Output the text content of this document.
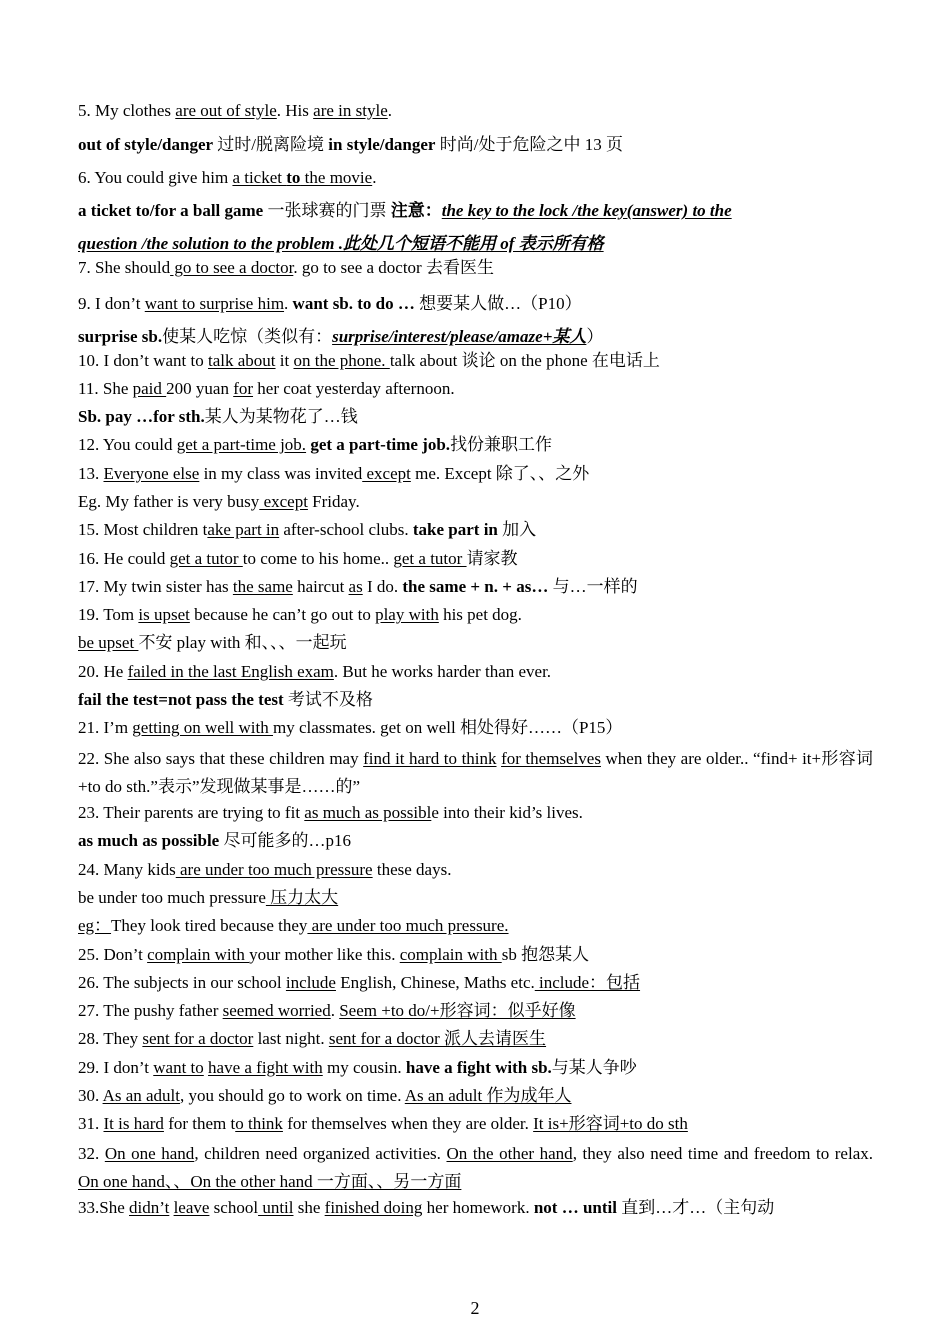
5. My clothes are out of style. His are in style.
out of style/danger 过时/脱离险境 in style/danger 时尚/处于危险之中 13 页
6. You could give him a ticket to the movie.
a ticket to/for a ball game 一张球赛的门票 注意：the key to the lock /the key(answer) to the
question /the solution to the problem .此处几个短语不能用 of 表示所有格
7. She should go to see a doctor. go to see a doctor 去看医生
9. I don’t want to surprise him. want sb. to do … 想要某人做…（P10）
surprise sb.使某人吃惊（类似有：surprise/interest/please/amaze+某人）
10. I don’t want to talk about it on the phone. talk about 谈论 on the phone 在电话上
11. She paid 200 yuan for her coat yesterday afternoon.
Sb. pay …for sth.某人为某物花了…钱
12. You could get a part-time job. get a part-time job.找份兼职工作
13. Everyone else in my class was invited except me. Except 除了、、之外
Eg. My father is very busy except Friday.
15. Most children take part in after-school clubs. take part in 加入
16. He could get a tutor to come to his home.. get a tutor 请家教
17. My twin sister has the same haircut as I do. the same + n. + as… 与…一样的
19. Tom is upset because he can’t go out to play with his pet dog.
be upset 不安 play with 和、、、一起玩
20. He failed in the last English exam. But he works harder than ever.
fail the test=not pass the test 考试不及格
21. I’m getting on well with my classmates. get on well 相处得好……（P15）
22. She also says that these children may find it hard to think for themselves when they are older.. “find+ it+形容词+to do sth.”表示”发现做某事是……的”
23. Their parents are trying to fit as much as possible into their kid’s lives.
as much as possible 尽可能多的…p16
24. Many kids are under too much pressure these days.
be under too much pressure 压力太大
eg：They look tired because they are under too much pressure.
25. Don’t complain with your mother like this. complain with sb 抱怨某人
26. The subjects in our school include English, Chinese, Maths etc. include：包括
27. The pushy father seemed worried. Seem +to do/+形容词：似乎好像
28. They sent for a doctor last night. sent for a doctor 派人去请医生
29. I don’t want to have a fight with my cousin. have a fight with sb.与某人争吵
30. As an adult, you should go to work on time. As an adult 作为成年人
31. It is hard for them to think for themselves when they are older. It is+形容词+to do sth
32. On one hand, children need organized activities. On the other hand, they also need time and freedom to relax. On one hand、、On the other hand 一方面、、另一方面
33.She didn’t leave school until she finished doing her homework. not … until 直到…才…（主句动
2
